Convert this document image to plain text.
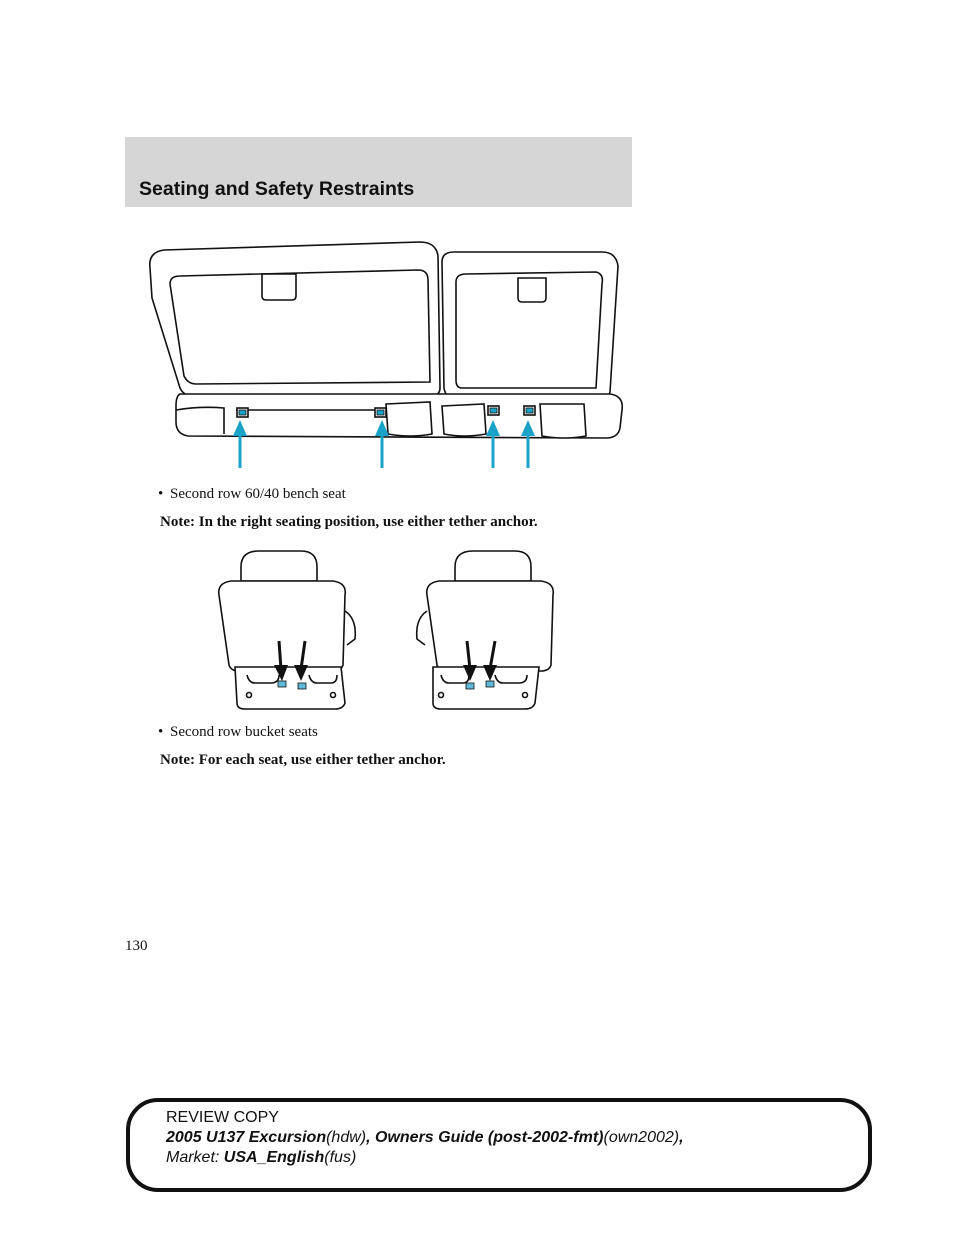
Seating and Safety Restraints
• Second row 60/40 bench seat
Note: In the right seating position, use either tether anchor.
• Second row bucket seats
Note: For each seat, use either tether anchor.
130
REVIEW COPY
2005 U137 Excursion(hdw), Owners Guide (post-2002-fmt)(own2002),
Market: USA_English(fus)
